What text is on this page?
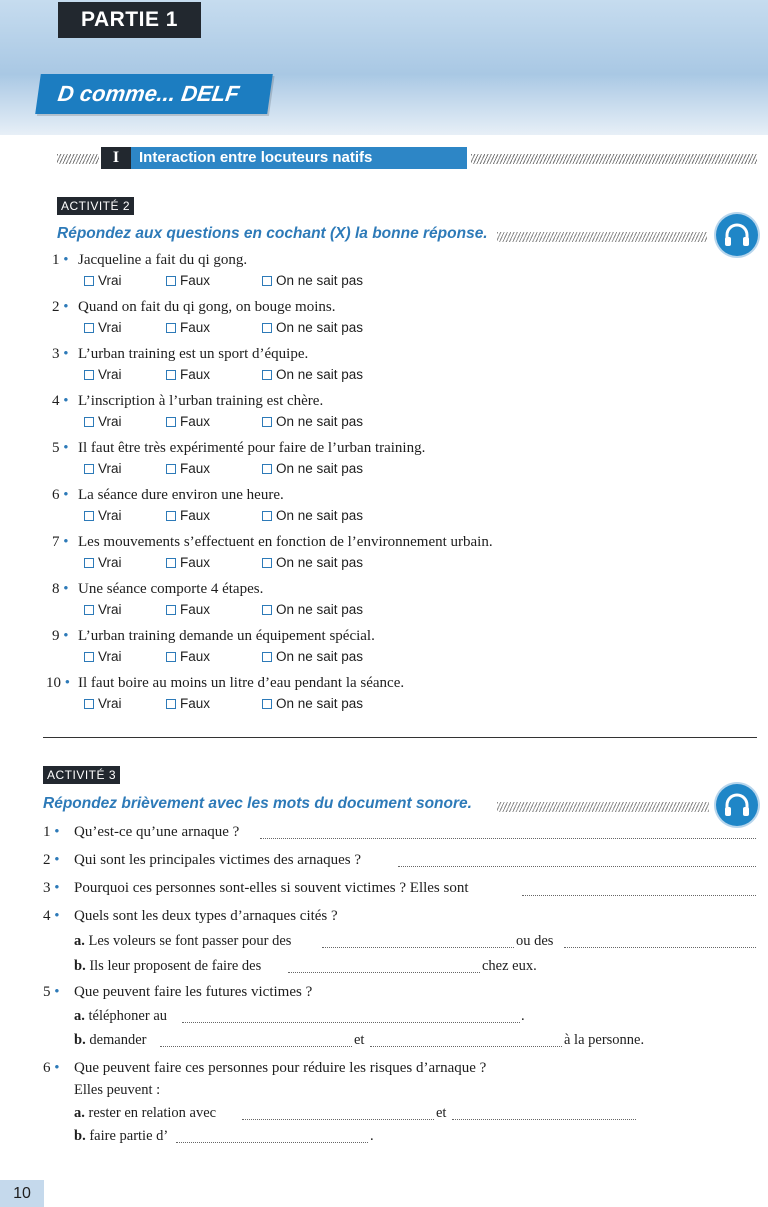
PARTIE 1
D comme... DELF
I	Interaction entre locuteurs natifs
ACTIVITÉ 2
Répondez aux questions en cochant (X) la bonne réponse.
1 • Jacqueline a fait du qi gong.
Vrai	Faux	On ne sait pas
2 • Quand on fait du qi gong, on bouge moins.
Vrai	Faux	On ne sait pas
3 • L’urban training est un sport d’équipe.
Vrai	Faux	On ne sait pas
4 • L’inscription à l’urban training est chère.
Vrai	Faux	On ne sait pas
5 • Il faut être très expérimenté pour faire de l’urban training.
Vrai	Faux	On ne sait pas
6 • La séance dure environ une heure.
Vrai	Faux	On ne sait pas
7 • Les mouvements s’effectuent en fonction de l’environnement urbain.
Vrai	Faux	On ne sait pas
8 • Une séance comporte 4 étapes.
Vrai	Faux	On ne sait pas
9 • L’urban training demande un équipement spécial.
Vrai	Faux	On ne sait pas
10 • Il faut boire au moins un litre d’eau pendant la séance.
Vrai	Faux	On ne sait pas
ACTIVITÉ 3
Répondez brièvement avec les mots du document sonore.
1 • Qu’est-ce qu’une arnaque ?
2 • Qui sont les principales victimes des arnaques ?
3 • Pourquoi ces personnes sont-elles si souvent victimes ? Elles sont
4 • Quels sont les deux types d’arnaques cités ?
a. Les voleurs se font passer pour des	ou des
b. Ils leur proposent de faire des	chez eux.
5 • Que peuvent faire les futures victimes ?
a. téléphoner au	.
b. demander	et	à la personne.
6 • Que peuvent faire ces personnes pour réduire les risques d’arnaque ?
Elles peuvent :
a. rester en relation avec	et
b. faire partie d’	.
10
